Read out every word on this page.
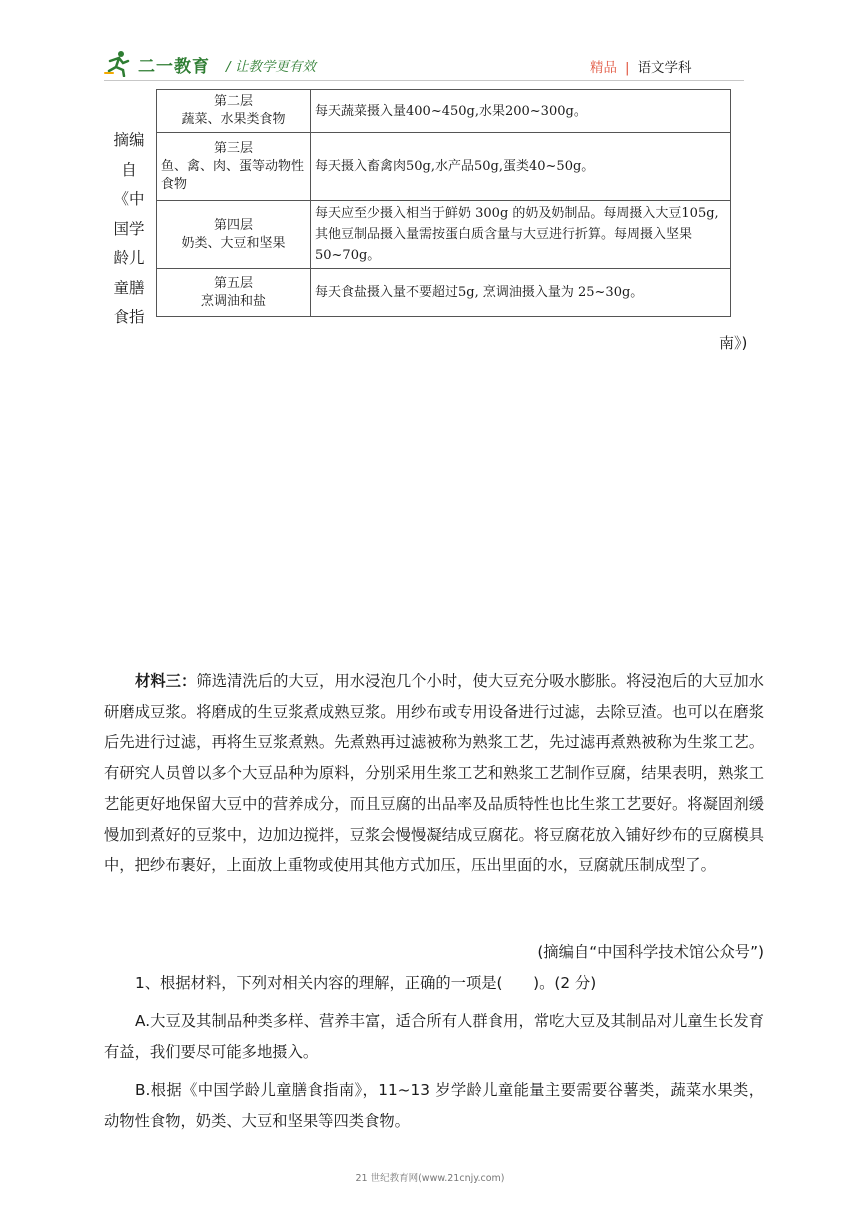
二一教育 / 让教学更有效	精品 | 语文学科
摘编
自《中
国学
龄儿
童膳
食指
第二层
蔬菜、水果类食物	每天蔬菜摄入量400~450g,水果200~300g。

第三层
鱼、禽、肉、蛋等动物性食物	每天摄入畜禽肉50g,水产品50g,蛋类40~50g。

第四层
奶类、大豆和坚果	每天应至少摄入相当于鲜奶 300g 的奶及奶制品。每周摄入大豆105g,其他豆制品摄入量需按蛋白质含量与大豆进行折算。每周摄入坚果50~70g。

第五层
烹调油和盐	每天食盐摄入量不要超过5g, 烹调油摄入量为 25~30g。
南》)

材料三：筛选清洗后的大豆，用水浸泡几个小时，使大豆充分吸水膨胀。将浸泡后的大豆加水研磨成豆浆。将磨成的生豆浆煮成熟豆浆。用纱布或专用设备进行过滤，去除豆渣。也可以在磨浆后先进行过滤，再将生豆浆煮熟。先煮熟再过滤被称为熟浆工艺，先过滤再煮熟被称为生浆工艺。有研究人员曾以多个大豆品种为原料，分别采用生浆工艺和熟浆工艺制作豆腐，结果表明，熟浆工艺能更好地保留大豆中的营养成分，而且豆腐的出品率及品质特性也比生浆工艺要好。将凝固剂缓慢加到煮好的豆浆中，边加边搅拌，豆浆会慢慢凝结成豆腐花。将豆腐花放入铺好纱布的豆腐模具中，把纱布裹好，上面放上重物或使用其他方式加压，压出里面的水，豆腐就压制成型了。

(摘编自“中国科学技术馆公众号”)

1、根据材料，下列对相关内容的理解，正确的一项是(　　)。(2 分)

A.大豆及其制品种类多样、营养丰富，适合所有人群食用，常吃大豆及其制品对儿童生长发育有益，我们要尽可能多地摄入。

B.根据《中国学龄儿童膳食指南》，11~13 岁学龄儿童能量主要需要谷薯类，蔬菜水果类，动物性食物，奶类、大豆和坚果等四类食物。

21 世纪教育网(www.21cnjy.com)
